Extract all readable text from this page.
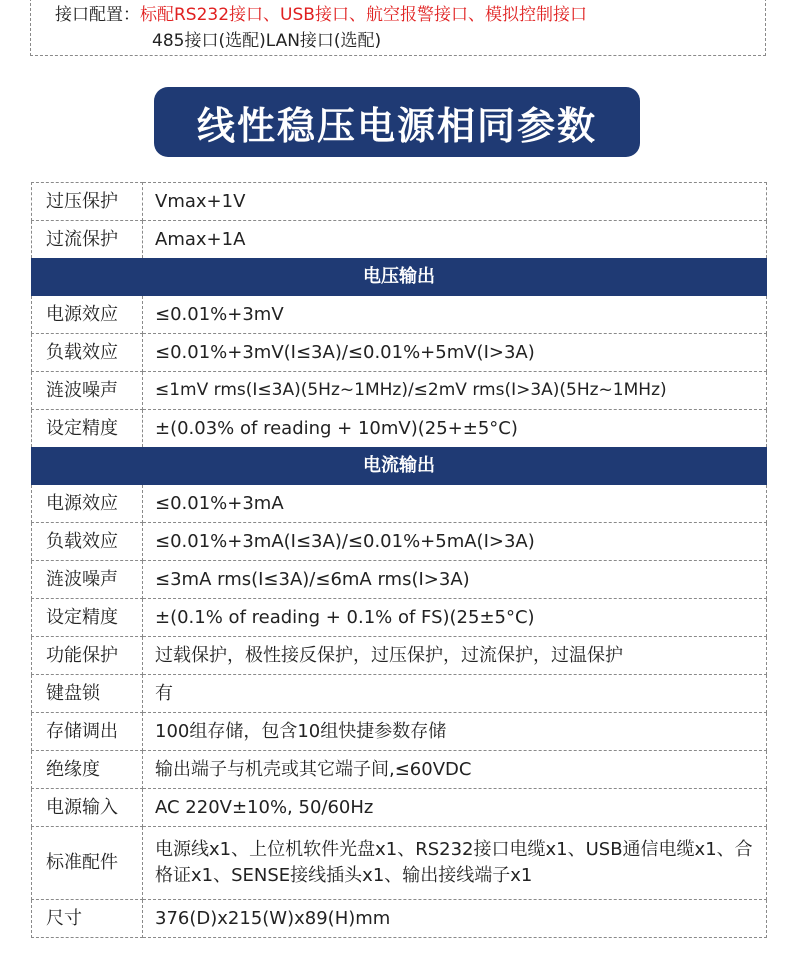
接口配置：标配RS232接口、USB接口、航空报警接口、模拟控制接口
485接口(选配)LAN接口(选配)
线性稳压电源相同参数
过压保护	Vmax+1V
过流保护	Amax+1A
电压输出	
电源效应	≤0.01%+3mV
负载效应	≤0.01%+3mV(I≤3A)/≤0.01%+5mV(I>3A)
涟波噪声	≤1mV rms(I≤3A)(5Hz~1MHz)/≤2mV rms(I>3A)(5Hz~1MHz)
设定精度	±(0.03% of reading + 10mV)(25+±5°C)
电流输出	
电源效应	≤0.01%+3mA
负载效应	≤0.01%+3mA(I≤3A)/≤0.01%+5mA(I>3A)
涟波噪声	≤3mA rms(I≤3A)/≤6mA rms(I>3A)
设定精度	±(0.1% of reading + 0.1% of FS)(25±5°C)
功能保护	过载保护，极性接反保护，过压保护，过流保护，过温保护
键盘锁	有
存储调出	100组存储，包含10组快捷参数存储
绝缘度	输出端子与机壳或其它端子间,≤60VDC
电源输入	AC 220V±10%, 50/60Hz
标准配件	电源线x1、上位机软件光盘x1、RS232接口电缆x1、USB通信电缆x1、合格证x1、SENSE接线插头x1、输出接线端子x1
尺寸	376(D)x215(W)x89(H)mm
